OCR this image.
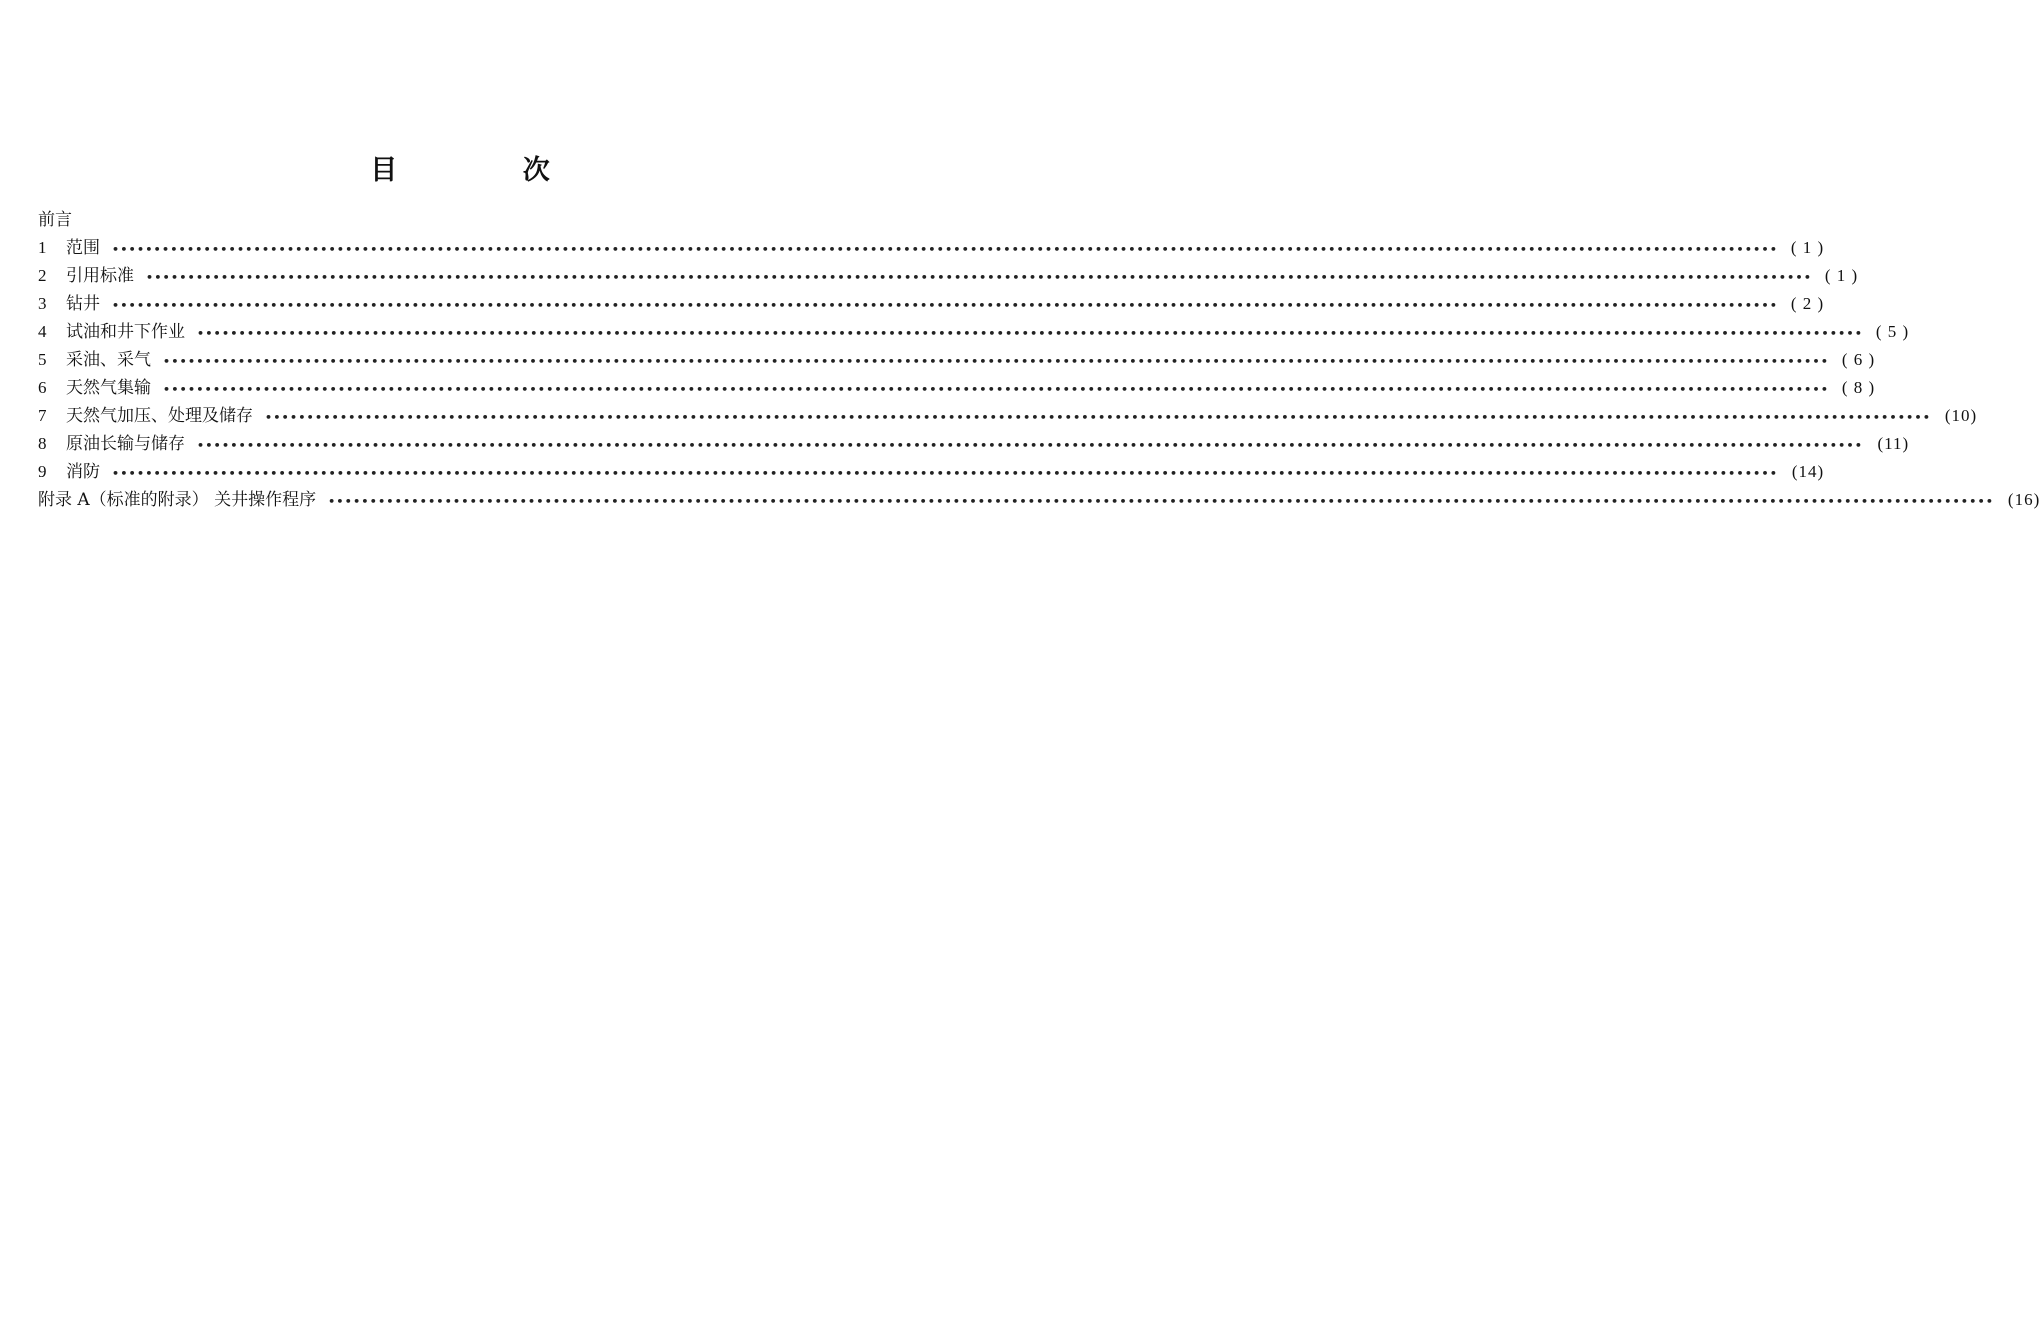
目 次
前言
1	范围	•••••••••••••••••••••••••••••••••••••••••••••••••••••••••••••••••••••••••••••••••••••••••••••••••••••••••••••••••••••••••••••••••••••••••••••••••••••••••••••••••••••••••••••••••••••••••••••••••••••••• ( 1 )
2	引用标准	•••••••••••••••••••••••••••••••••••••••••••••••••••••••••••••••••••••••••••••••••••••••••••••••••••••••••••••••••••••••••••••••••••••••••••••••••••••••••••••••••••••••••••••••••••••••••••••••••••••••• ( 1 )
3	钻井	•••••••••••••••••••••••••••••••••••••••••••••••••••••••••••••••••••••••••••••••••••••••••••••••••••••••••••••••••••••••••••••••••••••••••••••••••••••••••••••••••••••••••••••••••••••••••••••••••••••••• ( 2 )
4	试油和井下作业	•••••••••••••••••••••••••••••••••••••••••••••••••••••••••••••••••••••••••••••••••••••••••••••••••••••••••••••••••••••••••••••••••••••••••••••••••••••••••••••••••••••••••••••••••••••••••••••••••••••••• ( 5 )
5	采油、采气	•••••••••••••••••••••••••••••••••••••••••••••••••••••••••••••••••••••••••••••••••••••••••••••••••••••••••••••••••••••••••••••••••••••••••••••••••••••••••••••••••••••••••••••••••••••••••••••••••••••••• ( 6 )
6	天然气集输	•••••••••••••••••••••••••••••••••••••••••••••••••••••••••••••••••••••••••••••••••••••••••••••••••••••••••••••••••••••••••••••••••••••••••••••••••••••••••••••••••••••••••••••••••••••••••••••••••••••••• ( 8 )
7	天然气加压、处理及储存	•••••••••••••••••••••••••••••••••••••••••••••••••••••••••••••••••••••••••••••••••••••••••••••••••••••••••••••••••••••••••••••••••••••••••••••••••••••••••••••••••••••••••••••••••••••••••••••••••••••••• (10)
8	原油长输与储存	•••••••••••••••••••••••••••••••••••••••••••••••••••••••••••••••••••••••••••••••••••••••••••••••••••••••••••••••••••••••••••••••••••••••••••••••••••••••••••••••••••••••••••••••••••••••••••••••••••••••• (11)
9	消防	•••••••••••••••••••••••••••••••••••••••••••••••••••••••••••••••••••••••••••••••••••••••••••••••••••••••••••••••••••••••••••••••••••••••••••••••••••••••••••••••••••••••••••••••••••••••••••••••••••••••• (14)
附录 A（标准的附录） 关井操作程序	•••••••••••••••••••••••••••••••••••••••••••••••••••••••••••••••••••••••••••••••••••••••••••••••••••••••••••••••••••••••••••••••••••••••••••••••••••••••••••••••••••••••••••••••••••••••••••••••••••••••• (16)
